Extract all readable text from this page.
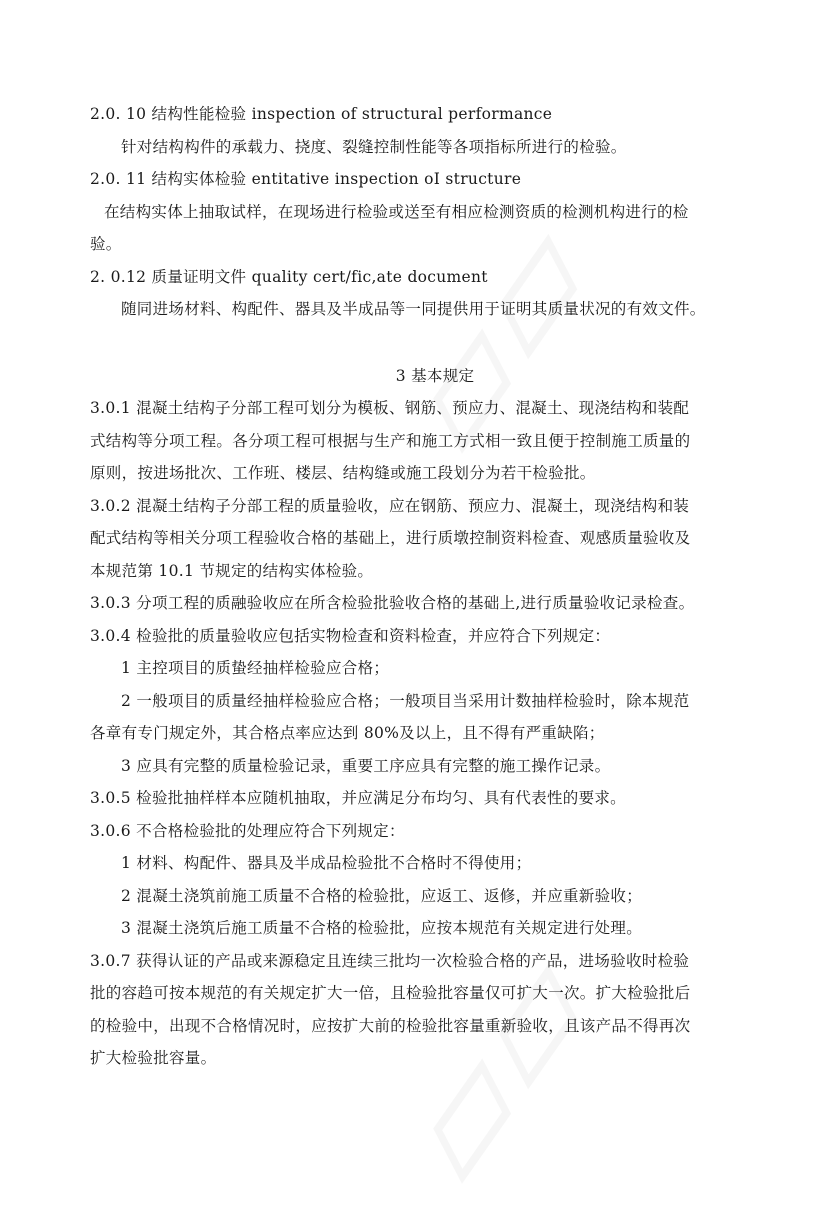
2.0. 10 结构性能检验 inspection of structural performance
针对结构构件的承载力、挠度、裂缝控制性能等各项指标所进行的检验。
2.0. 11 结构实体检验 entitative inspection oI structure
在结构实体上抽取试样，在现场进行检验或送至有相应检测资质的检测机构进行的检
验。
2. 0.12 质量证明文件 quality cert/fic,ate document
随同进场材料、构配件、器具及半成品等一同提供用于证明其质量状况的有效文件。
3 基本规定
3.0.1 混凝土结构子分部工程可划分为模板、钢筋、预应力、混凝土、现浇结构和装配
式结构等分项工程。各分项工程可根据与生产和施工方式相一致且便于控制施工质量的
原则，按进场批次、工作班、楼层、结构缝或施工段划分为若干检验批。
3.0.2 混凝土结构子分部工程的质量验收，应在钢筋、预应力、混凝土，现浇结构和装
配式结构等相关分项工程验收合格的基础上，进行质墩控制资料检查、观感质量验收及
本规范第 10.1 节规定的结构实体检验。
3.0.3 分项工程的质融验收应在所含检验批验收合格的基础上,进行质量验收记录检查。
3.0.4 检验批的质量验收应包括实物检查和资料检查，并应符合下列规定：
1 主控项目的质蛰经抽样检验应合格；
2 一般项目的质量经抽样检验应合格；一般项目当采用计数抽样检验时，除本规范
各章有专门规定外，其合格点率应达到 80%及以上，且不得有严重缺陷；
3 应具有完整的质量检验记录，重要工序应具有完整的施工操作记录。
3.0.5 检验批抽样样本应随机抽取，并应满足分布均匀、具有代表性的要求。
3.0.6 不合格检验批的处理应符合下列规定：
1 材料、构配件、器具及半成品检验批不合格时不得使用；
2 混凝土浇筑前施工质量不合格的检验批，应返工、返修，并应重新验收；
3 混凝土浇筑后施工质量不合格的检验批，应按本规范有关规定进行处理。
3.0.7 获得认证的产品或来源稳定且连续三批均一次检验合格的产品，进场验收时检验
批的容趋可按本规范的有关规定扩大一倍，且检验批容量仅可扩大一次。扩大检验批后
的检验中，出现不合格情况时，应按扩大前的检验批容量重新验收，且该产品不得再次
扩大检验批容量。
